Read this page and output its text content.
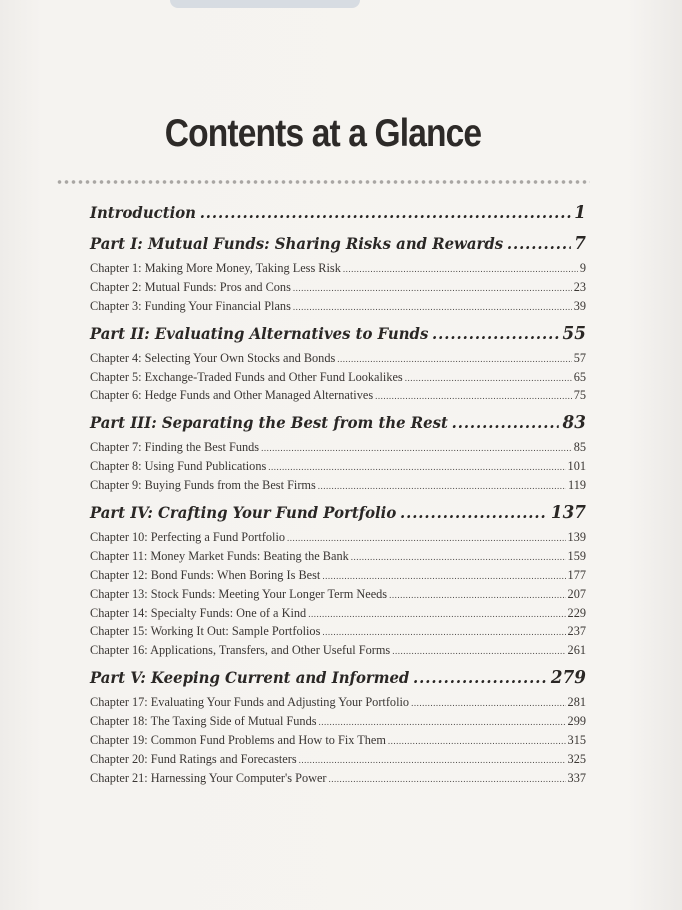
Contents at a Glance
Introduction .....	1
Part I: Mutual Funds: Sharing Risks and Rewards .....	7
Chapter 1: Making More Money, Taking Less Risk .....	9
Chapter 2: Mutual Funds: Pros and Cons .....	23
Chapter 3: Funding Your Financial Plans .....	39
Part II: Evaluating Alternatives to Funds .....	55
Chapter 4: Selecting Your Own Stocks and Bonds .....	57
Chapter 5: Exchange-Traded Funds and Other Fund Lookalikes .....	65
Chapter 6: Hedge Funds and Other Managed Alternatives .....	75
Part III: Separating the Best from the Rest .....	83
Chapter 7: Finding the Best Funds .....	85
Chapter 8: Using Fund Publications .....	101
Chapter 9: Buying Funds from the Best Firms .....	119
Part IV: Crafting Your Fund Portfolio .....	137
Chapter 10: Perfecting a Fund Portfolio .....	139
Chapter 11: Money Market Funds: Beating the Bank .....	159
Chapter 12: Bond Funds: When Boring Is Best .....	177
Chapter 13: Stock Funds: Meeting Your Longer Term Needs .....	207
Chapter 14: Specialty Funds: One of a Kind .....	229
Chapter 15: Working It Out: Sample Portfolios .....	237
Chapter 16: Applications, Transfers, and Other Useful Forms .....	261
Part V: Keeping Current and Informed .....	279
Chapter 17: Evaluating Your Funds and Adjusting Your Portfolio .....	281
Chapter 18: The Taxing Side of Mutual Funds .....	299
Chapter 19: Common Fund Problems and How to Fix Them .....	315
Chapter 20: Fund Ratings and Forecasters .....	325
Chapter 21: Harnessing Your Computer's Power .....	337
